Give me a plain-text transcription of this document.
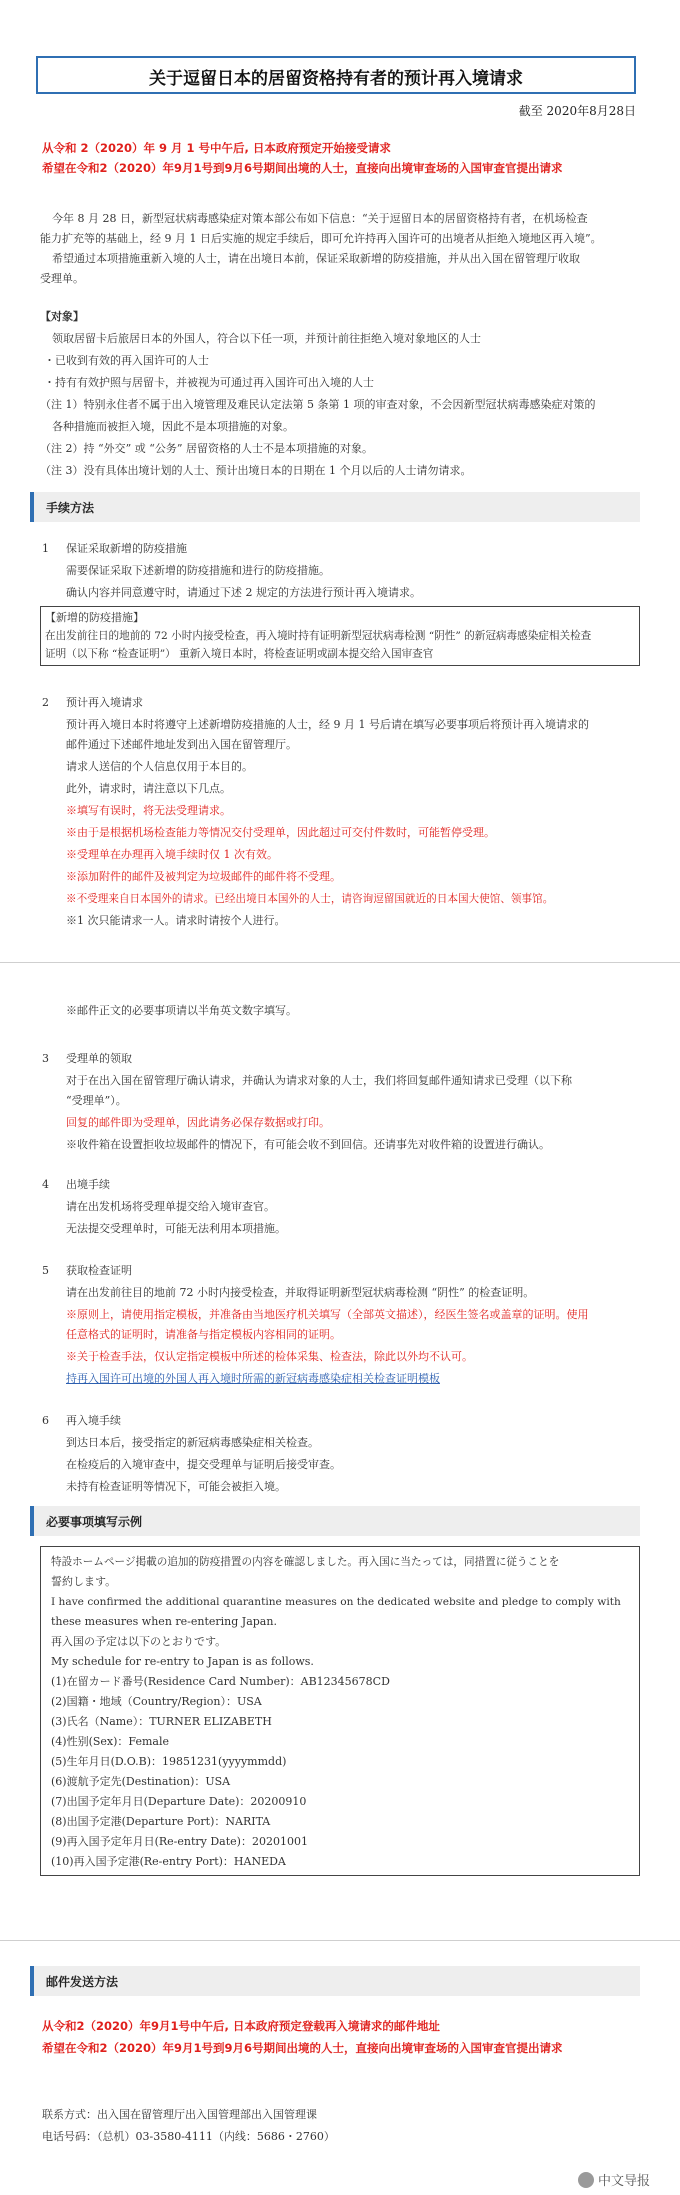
关于逗留日本的居留资格持有者的预计再入境请求
截至 2020年8月28日
从令和 2（2020）年 9 月 1 号中午后, 日本政府预定开始接受请求
希望在令和2（2020）年9月1号到9月6号期间出境的人士，直接向出境审查场的入国审查官提出请求
今年 8 月 28 日，新型冠状病毒感染症对策本部公布如下信息：“关于逗留日本的居留资格持有者，在机场检查
能力扩充等的基础上，经 9 月 1 日后实施的规定手续后，即可允许持再入国许可的出境者从拒绝入境地区再入境”。
希望通过本项措施重新入境的人士，请在出境日本前，保证采取新增的防疫措施，并从出入国在留管理厅收取
受理单。
【对象】
领取居留卡后旅居日本的外国人，符合以下任一项，并预计前往拒绝入境对象地区的人士
・已收到有效的再入国许可的人士
・持有有效护照与居留卡，并被视为可通过再入国许可出入境的人士
（注 1）特别永住者不属于出入境管理及难民认定法第 5 条第 1 项的审查对象，不会因新型冠状病毒感染症对策的
各种措施而被拒入境，因此不是本项措施的对象。
（注 2）持 “外交” 或 “公务” 居留资格的人士不是本项措施的对象。
（注 3）没有具体出境计划的人士、预计出境日本的日期在 1 个月以后的人士请勿请求。
手续方法
1 保证采取新增的防疫措施
需要保证采取下述新增的防疫措施和进行的防疫措施。
确认内容并同意遵守时，请通过下述 2 规定的方法进行预计再入境请求。
【新增的防疫措施】
在出发前往日的地前的 72 小时内接受检查，再入境时持有证明新型冠状病毒检测 “阴性” 的新冠病毒感染症相关检查
证明（以下称 “检查证明”） 重新入境日本时，将检查证明或副本提交给入国审查官
2 预计再入境请求
预计再入境日本时将遵守上述新增防疫措施的人士，经 9 月 1 号后请在填写必要事项后将预计再入境请求的
邮件通过下述邮件地址发到出入国在留管理厅。
请求人送信的个人信息仅用于本目的。
此外，请求时，请注意以下几点。
※填写有误时，将无法受理请求。
※由于是根据机场检查能力等情况交付受理单，因此超过可交付件数时，可能暂停受理。
※受理单在办理再入境手续时仅 1 次有效。
※添加附件的邮件及被判定为垃圾邮件的邮件将不受理。
※不受理来自日本国外的请求。已经出境日本国外的人士，请咨询逗留国就近的日本国大使馆、领事馆。
※1 次只能请求一人。请求时请按个人进行。
※邮件正文的必要事项请以半角英文数字填写。
3 受理单的领取
对于在出入国在留管理厅确认请求，并确认为请求对象的人士，我们将回复邮件通知请求已受理（以下称
“受理单”）。
回复的邮件即为受理单，因此请务必保存数据或打印。
※收件箱在设置拒收垃圾邮件的情况下，有可能会收不到回信。还请事先对收件箱的设置进行确认。
4 出境手续
请在出发机场将受理单提交给入境审查官。
无法提交受理单时，可能无法利用本项措施。
5 获取检查证明
请在出发前往目的地前 72 小时内接受检查，并取得证明新型冠状病毒检测 “阴性” 的检查证明。
※原则上，请使用指定模板，并准备由当地医疗机关填写（全部英文描述），经医生签名或盖章的证明。使用
任意格式的证明时，请准备与指定模板内容相同的证明。
※关于检查手法，仅认定指定模板中所述的检体采集、检查法，除此以外均不认可。
持再入国许可出境的外国人再入境时所需的新冠病毒感染症相关检查证明模板
6 再入境手续
到达日本后，接受指定的新冠病毒感染症相关检查。
在检疫后的入境审查中，提交受理单与证明后接受审查。
未持有检查证明等情况下，可能会被拒入境。
必要事项填写示例
特設ホームページ掲載の追加的防疫措置の内容を確認しました。再入国に当たっては，同措置に従うことを
誓約します。
I have confirmed the additional quarantine measures on the dedicated website and pledge to comply with
these measures when re-entering Japan.
再入国の予定は以下のとおりです。
My schedule for re-entry to Japan is as follows.
(1)在留カード番号(Residence Card Number)：AB12345678CD
(2)国籍・地域（Country/Region）：USA
(3)氏名（Name）：TURNER ELIZABETH
(4)性别(Sex)：Female
(5)生年月日(D.O.B)：19851231(yyyymmdd)
(6)渡航予定先(Destination)：USA
(7)出国予定年月日(Departure Date)：20200910
(8)出国予定港(Departure Port)：NARITA
(9)再入国予定年月日(Re-entry Date)：20201001
(10)再入国予定港(Re-entry Port)：HANEDA
邮件发送方法
从令和2（2020）年9月1号中午后, 日本政府预定登载再入境请求的邮件地址
希望在令和2（2020）年9月1号到9月6号期间出境的人士，直接向出境审查场的入国审查官提出请求
联系方式：出入国在留管理厅出入国管理部出入国管理课
电话号码：（总机）03-3580-4111（内线：5686・2760）
中文导报
